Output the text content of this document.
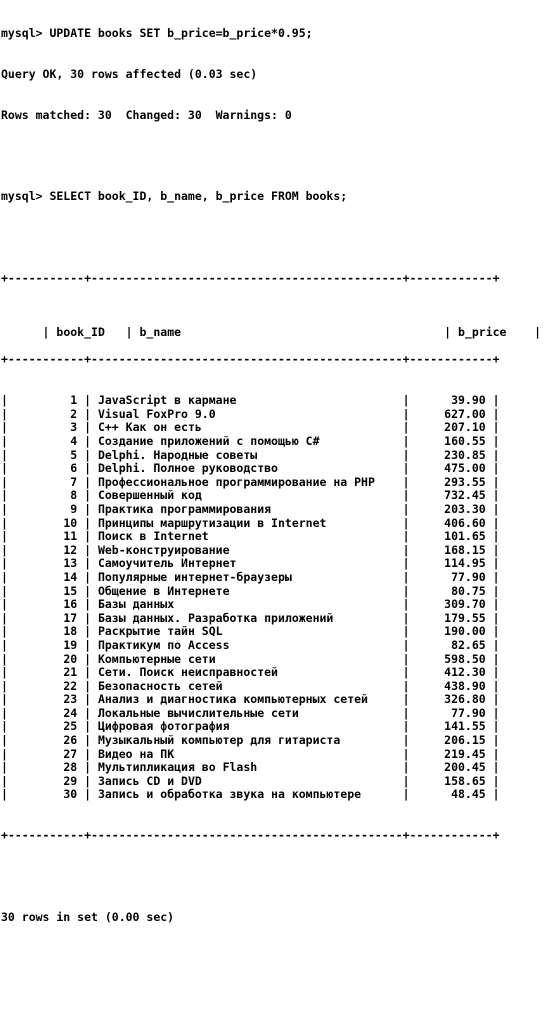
mysql> UPDATE books SET b_price=b_price*0.95;

Query OK, 30 rows affected (0.03 sec)

Rows matched: 30  Changed: 30  Warnings: 0

mysql> SELECT book_ID, b_name, b_price FROM books;

+-----------+---------------------------------------------+------------+

| book_ID   | b_name                                      | b_price    |

+-----------+---------------------------------------------+------------+

|         1 | JavaScript в кармане                        |      39.90 |
|         2 | Visual FoxPro 9.0                           |     627.00 |
|         3 | C++ Как он есть                             |     207.10 |
|         4 | Создание приложений с помощью C#            |     160.55 |
|         5 | Delphi. Народные советы                     |     230.85 |
|         6 | Delphi. Полное руководство                  |     475.00 |
|         7 | Профессиональное программирование на PHP    |     293.55 |
|         8 | Совершенный код                             |     732.45 |
|         9 | Практика программирования                   |     203.30 |
|        10 | Принципы маршрутизации в Internet           |     406.60 |
|        11 | Поиск в Internet                            |     101.65 |
|        12 | Web-конструирование                         |     168.15 |
|        13 | Самоучитель Интернет                        |     114.95 |
|        14 | Популярные интернет-браузеры                |      77.90 |
|        15 | Общение в Интернете                         |      80.75 |
|        16 | Базы данных                                 |     309.70 |
|        17 | Базы данных. Разработка приложений          |     179.55 |
|        18 | Раскрытие тайн SQL                          |     190.00 |
|        19 | Практикум по Access                         |      82.65 |
|        20 | Компьютерные сети                           |     598.50 |
|        21 | Сети. Поиск неисправностей                  |     412.30 |
|        22 | Безопасность сетей                          |     438.90 |
|        23 | Анализ и диагностика компьютерных сетей     |     326.80 |
|        24 | Локальные вычислительные сети               |      77.90 |
|        25 | Цифровая фотография                         |     141.55 |
|        26 | Музыкальный компьютер для гитариста         |     206.15 |
|        27 | Видео на ПК                                 |     219.45 |
|        28 | Мультипликация во Flash                     |     200.45 |
|        29 | Запись CD и DVD                             |     158.65 |
|        30 | Запись и обработка звука на компьютере      |      48.45 |

+-----------+---------------------------------------------+------------+

30 rows in set (0.00 sec)
